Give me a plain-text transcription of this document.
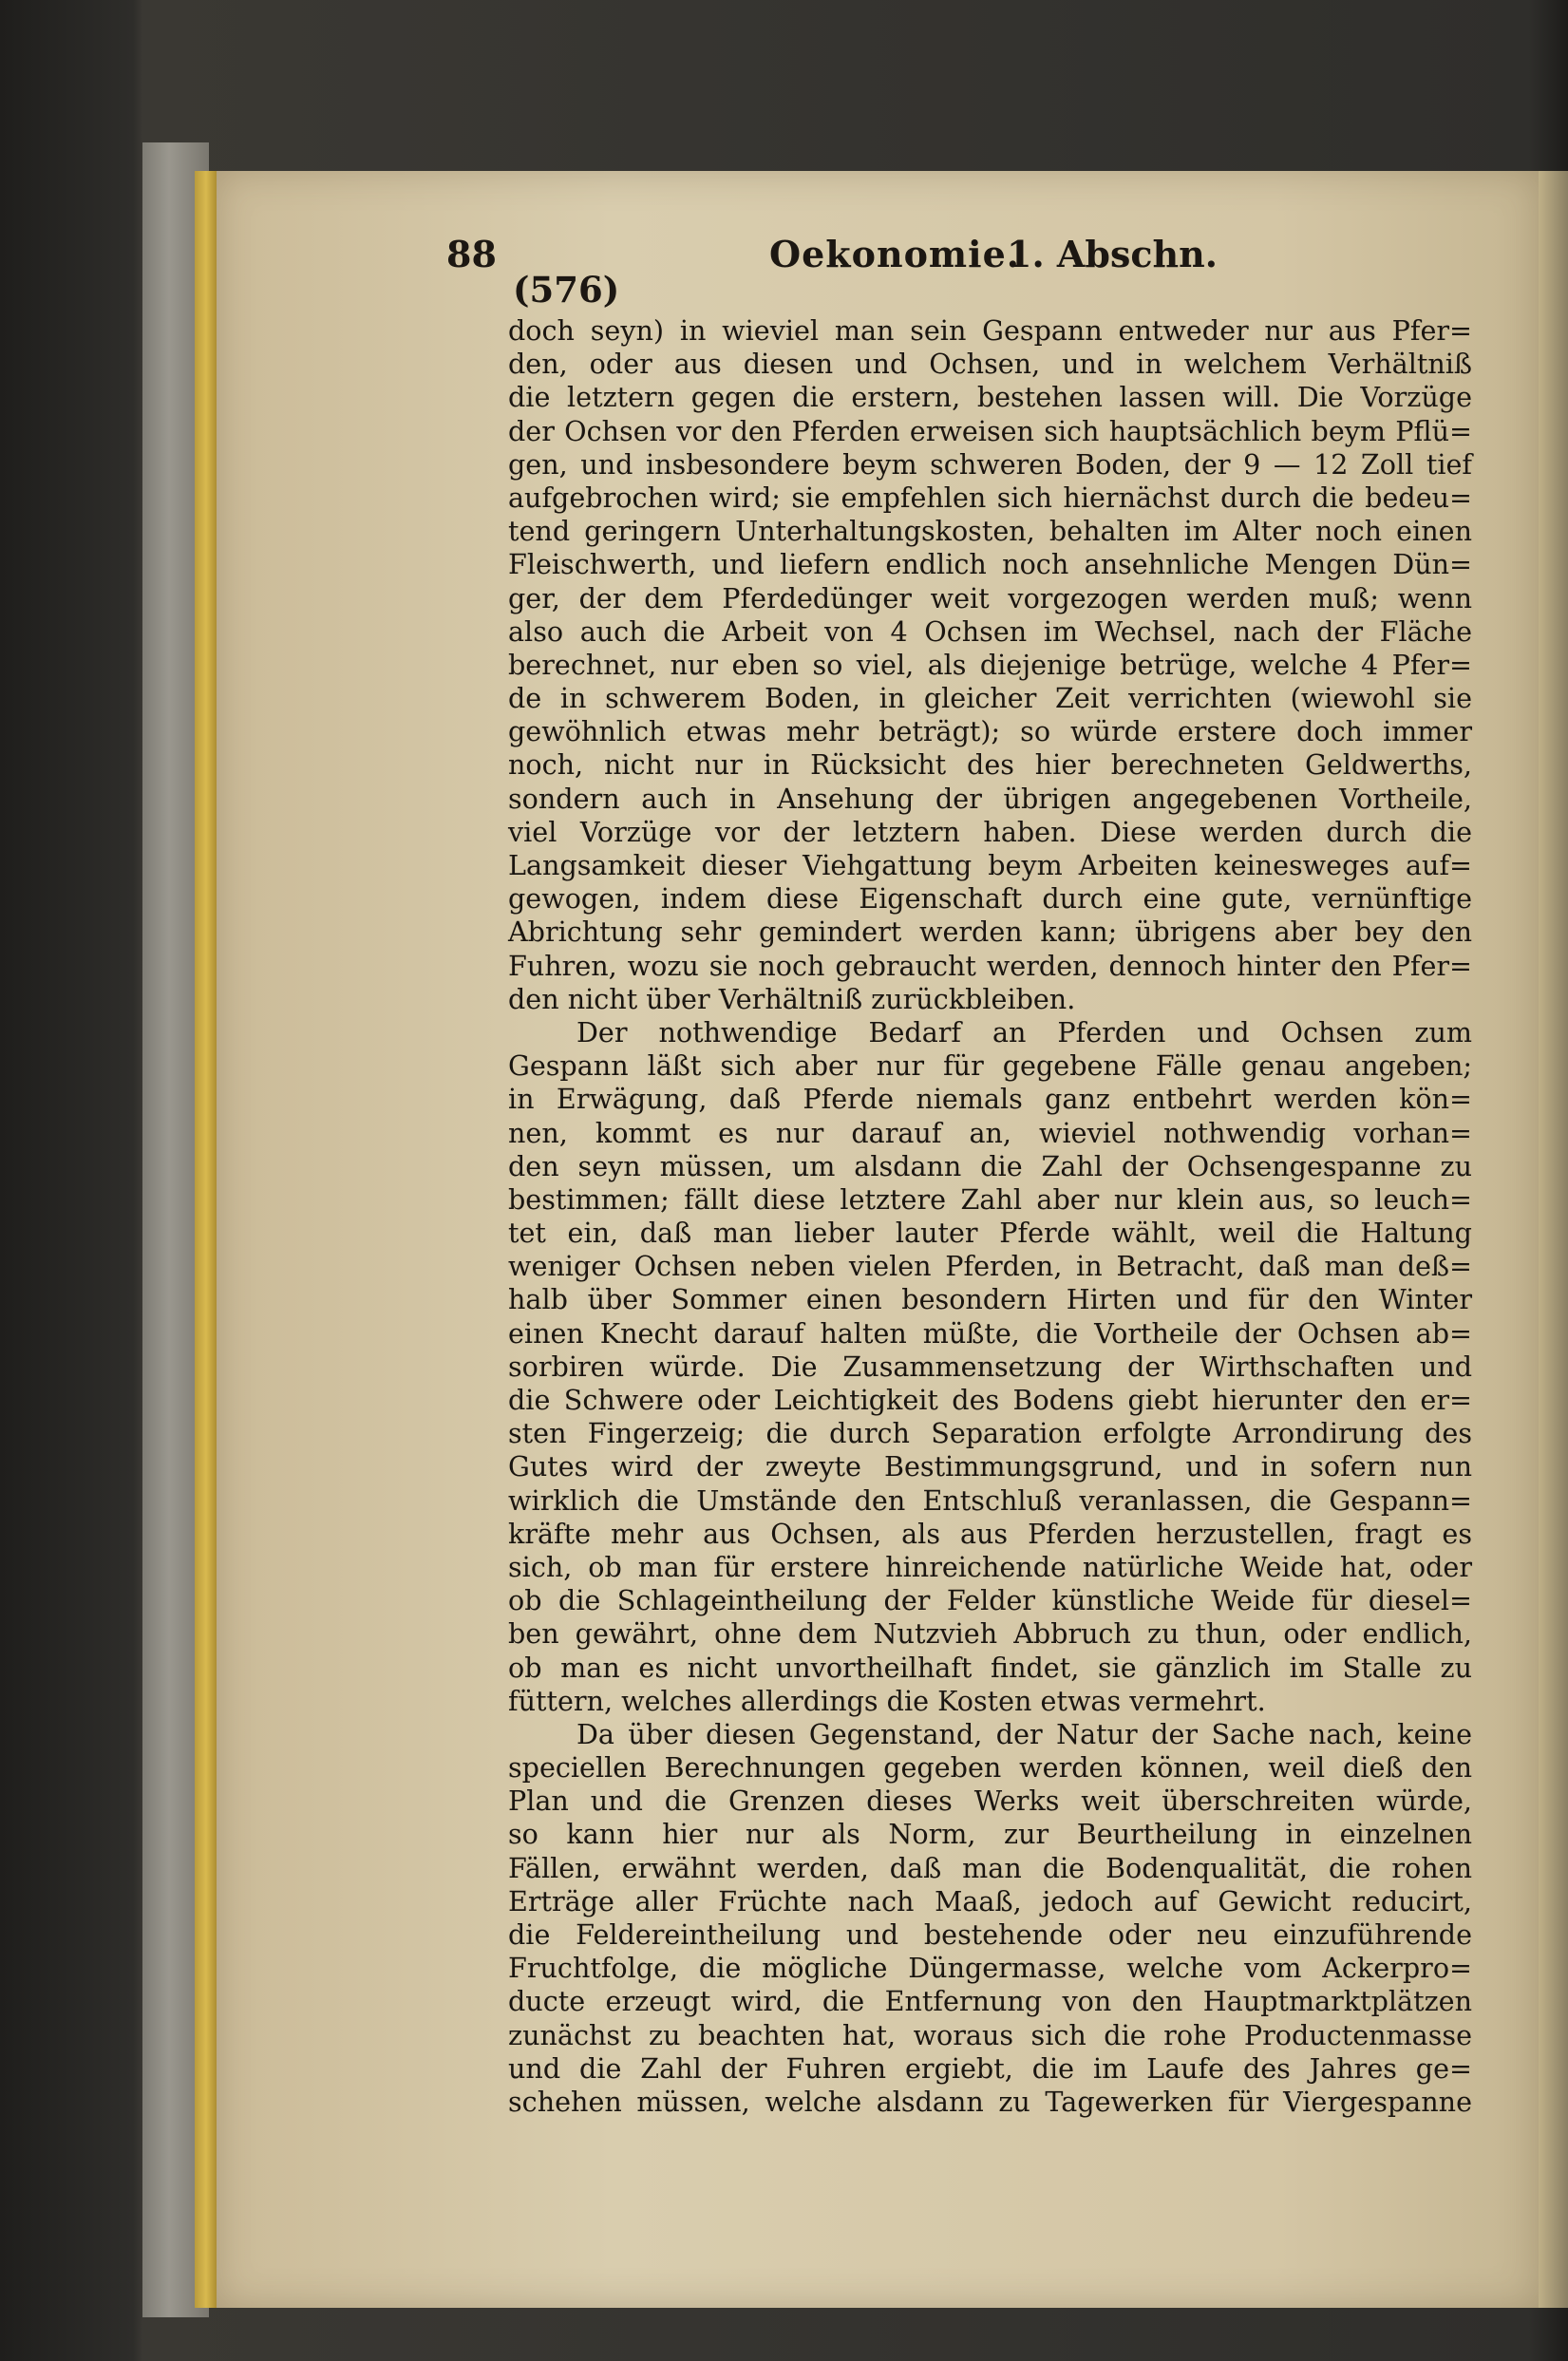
88	Oekonomie.
1. Abschn.
(576)
doch seyn) in wieviel man sein Gespann entweder nur aus Pfer=
den, oder aus diesen und Ochsen, und in welchem Verhältniß
die letztern gegen die erstern, bestehen lassen will. Die Vorzüge
der Ochsen vor den Pferden erweisen sich hauptsächlich beym Pflü=
gen, und insbesondere beym schweren Boden, der 9 — 12 Zoll tief
aufgebrochen wird; sie empfehlen sich hiernächst durch die bedeu=
tend geringern Unterhaltungskosten, behalten im Alter noch einen
Fleischwerth, und liefern endlich noch ansehnliche Mengen Dün=
ger, der dem Pferdedünger weit vorgezogen werden muß; wenn
also auch die Arbeit von 4 Ochsen im Wechsel, nach der Fläche
berechnet, nur eben so viel, als diejenige betrüge, welche 4 Pfer=
de in schwerem Boden, in gleicher Zeit verrichten (wiewohl sie
gewöhnlich etwas mehr beträgt); so würde erstere doch immer
noch, nicht nur in Rücksicht des hier berechneten Geldwerths,
sondern auch in Ansehung der übrigen angegebenen Vortheile,
viel Vorzüge vor der letztern haben. Diese werden durch die
Langsamkeit dieser Viehgattung beym Arbeiten keinesweges auf=
gewogen, indem diese Eigenschaft durch eine gute, vernünftige
Abrichtung sehr gemindert werden kann; übrigens aber bey den
Fuhren, wozu sie noch gebraucht werden, dennoch hinter den Pfer=
den nicht über Verhältniß zurückbleiben.
Der nothwendige Bedarf an Pferden und Ochsen zum
Gespann läßt sich aber nur für gegebene Fälle genau angeben;
in Erwägung, daß Pferde niemals ganz entbehrt werden kön=
nen, kommt es nur darauf an, wieviel nothwendig vorhan=
den seyn müssen, um alsdann die Zahl der Ochsengespanne zu
bestimmen; fällt diese letztere Zahl aber nur klein aus, so leuch=
tet ein, daß man lieber lauter Pferde wählt, weil die Haltung
weniger Ochsen neben vielen Pferden, in Betracht, daß man deß=
halb über Sommer einen besondern Hirten und für den Winter
einen Knecht darauf halten müßte, die Vortheile der Ochsen ab=
sorbiren würde. Die Zusammensetzung der Wirthschaften und
die Schwere oder Leichtigkeit des Bodens giebt hierunter den er=
sten Fingerzeig; die durch Separation erfolgte Arrondirung des
Gutes wird der zweyte Bestimmungsgrund, und in sofern nun
wirklich die Umstände den Entschluß veranlassen, die Gespann=
kräfte mehr aus Ochsen, als aus Pferden herzustellen, fragt es
sich, ob man für erstere hinreichende natürliche Weide hat, oder
ob die Schlageintheilung der Felder künstliche Weide für diesel=
ben gewährt, ohne dem Nutzvieh Abbruch zu thun, oder endlich,
ob man es nicht unvortheilhaft findet, sie gänzlich im Stalle zu
füttern, welches allerdings die Kosten etwas vermehrt.
Da über diesen Gegenstand, der Natur der Sache nach, keine
speciellen Berechnungen gegeben werden können, weil dieß den
Plan und die Grenzen dieses Werks weit überschreiten würde,
so kann hier nur als Norm, zur Beurtheilung in einzelnen
Fällen, erwähnt werden, daß man die Bodenqualität, die rohen
Erträge aller Früchte nach Maaß, jedoch auf Gewicht reducirt,
die Feldereintheilung und bestehende oder neu einzuführende
Fruchtfolge, die mögliche Düngermasse, welche vom Ackerpro=
ducte erzeugt wird, die Entfernung von den Hauptmarktplätzen
zunächst zu beachten hat, woraus sich die rohe Productenmasse
und die Zahl der Fuhren ergiebt, die im Laufe des Jahres ge=
schehen müssen, welche alsdann zu Tagewerken für Viergespanne
